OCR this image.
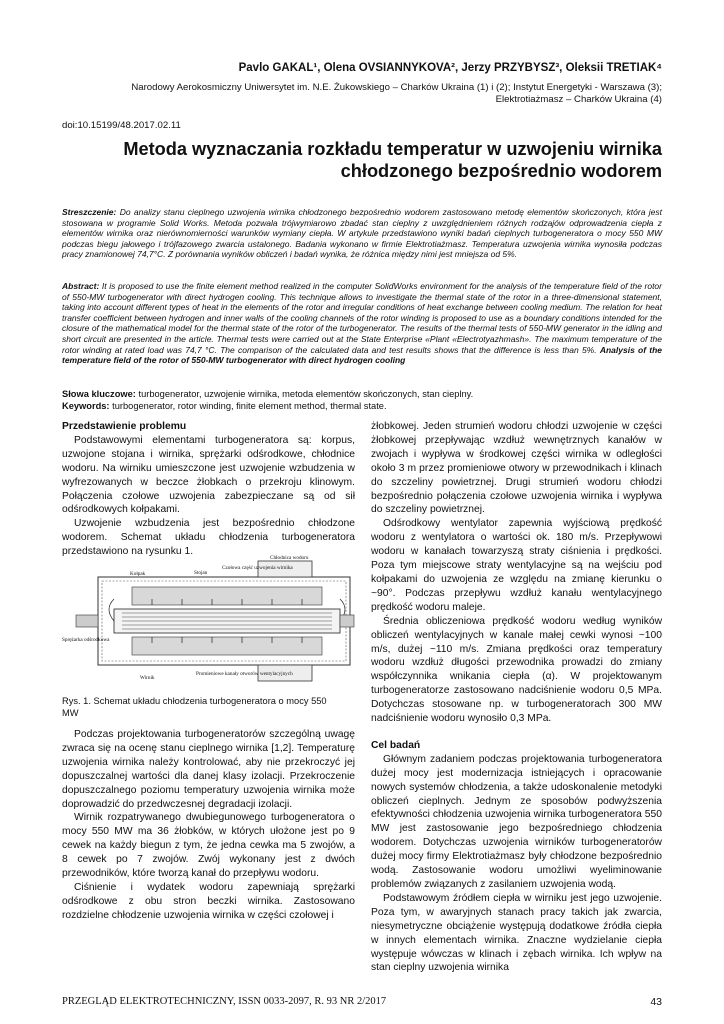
Pavlo GAKAL¹, Olena OVSIANNYKOVA², Jerzy PRZYBYSZ³, Oleksii TRETIAK⁴
Narodowy Aerokosmiczny Uniwersytet im. N.E. Żukowskiego – Charków Ukraina (1) i (2); Instytut Energetyki - Warszawa (3);
Elektrotiażmasz – Charków Ukraina (4)
doi:10.15199/48.2017.02.11
Metoda wyznaczania rozkładu temperatur w uzwojeniu wirnika chłodzonego bezpośrednio wodorem
Streszczenie: Do analizy stanu cieplnego uzwojenia wirnika chłodzonego bezpośrednio wodorem zastosowano metodę elementów skończonych, która jest stosowana w programie Solid Works. Metoda pozwala trójwymiarowo zbadać stan cieplny z uwzględnieniem różnych rodzajów odprowadzenia ciepła z elementów wirnika oraz nierównomierności warunków wymiany ciepła. W artykule przedstawiono wyniki badań cieplnych turbogeneratora o mocy 550 MW podczas biegu jałowego i trójfazowego zwarcia ustalonego. Badania wykonano w firmie Elektrotiażmasz. Temperatura uzwojenia wirnika wynosiła podczas pracy znamionowej 74,7°C. Z porównania wyników obliczeń i badań wynika, że różnica między nimi jest mniejsza od 5%.
Abstract: It is proposed to use the finite element method realized in the computer SolidWorks environment for the analysis of the temperature field of the rotor of 550-MW turbogenerator with direct hydrogen cooling. This technique allows to investigate the thermal state of the rotor in a three-dimensional statement, taking into account different types of heat in the elements of the rotor and irregular conditions of heat exchange between cooling medium. The relation for heat transfer coefficient between hydrogen and inner walls of the cooling channels of the rotor winding is proposed to use as a boundary conditions intended for the closure of the mathematical model for the thermal state of the rotor of the turbogenerator. The results of the thermal tests of 550-MW generator in the idling and short circuit are presented in the article. Thermal tests were carried out at the State Enterprise «Plant «Electrotyazhmash». The maximum temperature of the rotor winding at rated load was 74,7 °C. The comparison of the calculated data and test results shows that the difference is less than 5%. Analysis of the temperature field of the rotor of 550-MW turbogenerator with direct hydrogen cooling
Słowa kluczowe: turbogenerator, uzwojenie wirnika, metoda elementów skończonych, stan cieplny.
Keywords: turbogenerator, rotor winding, finite element method, thermal state.
Przedstawienie problemu

Podstawowymi elementami turbogeneratora są: korpus, uzwojone stojana i wirnika, sprężarki odśrodkowe, chłodnice wodoru. Na wirniku umieszczone jest uzwojenie wzbudzenia w wyfrezowanych w beczce żłobkach o przekroju klinowym. Połączenia czołowe uzwojenia zabezpieczane są od sił odśrodkowych kołpakami.

Uzwojenie wzbudzenia jest bezpośrednio chłodzone wodorem. Schemat układu chłodzenia turbogeneratora przedstawiono na rysunku 1.

Chłodnica wodoru
Kołpak	Stojan
Czołowa część uzwojenia wirnika
Sprężarka odśrodkowa
Wirnik
Promieniowe kanały otworów wentylacyjnych
Rys. 1. Schemat układu chłodzenia turbogeneratora o mocy 550 MW

Podczas projektowania turbogeneratorów szczególną uwagę zwraca się na ocenę stanu cieplnego wirnika [1,2]. Temperaturę uzwojenia wirnika należy kontrolować, aby nie przekroczyć jej dopuszczalnej wartości dla danej klasy izolacji. Przekroczenie dopuszczalnego poziomu temperatury uzwojenia wirnika może doprowadzić do przedwczesnej degradacji izolacji.

Wirnik rozpatrywanego dwubiegunowego turbogeneratora o mocy 550 MW ma 36 żłobków, w których ułożone jest po 9 cewek na każdy biegun z tym, że jedna cewka ma 5 zwojów, a 8 cewek po 7 zwojów. Zwój wykonany jest z dwóch przewodników, które tworzą kanał do przepływu wodoru.

Ciśnienie i wydatek wodoru zapewniają sprężarki odśrodkowe z obu stron beczki wirnika. Zastosowano rozdzielne chłodzenie uzwojenia wirnika w części czołowej i

żłobkowej. Jeden strumień wodoru chłodzi uzwojenie w części żłobkowej przepływając wzdłuż wewnętrznych kanałów w zwojach i wypływa w środkowej części wirnika w odległości około 3 m przez promieniowe otwory w przewodnikach i klinach do szczeliny powietrznej. Drugi strumień wodoru chłodzi bezpośrednio połączenia czołowe uzwojenia wirnika i wypływa do szczeliny powietrznej.

Odśrodkowy wentylator zapewnia wyjściową prędkość wodoru z wentylatora o wartości ok. 180 m/s. Przepływowi wodoru w kanałach towarzyszą straty ciśnienia i prędkości. Poza tym miejscowe straty wentylacyjne są na wejściu pod kołpakami do uzwojenia ze względu na zmianę kierunku o ~90°. Podczas przepływu wzdłuż kanału wentylacyjnego prędkość wodoru maleje.

Średnia obliczeniowa prędkość wodoru według wyników obliczeń wentylacyjnych w kanale małej cewki wynosi ~100 m/s, dużej ~110 m/s. Zmiana prędkości oraz temperatury wodoru wzdłuż długości przewodnika prowadzi do zmiany współczynnika wnikania ciepła (α). W projektowanym turbogeneratorze zastosowano nadciśnienie wodoru 0,5 MPa. Dotychczas stosowane np. w turbogeneratorach 300 MW nadciśnienie wodoru wynosiło 0,3 MPa.

Cel badań

Głównym zadaniem podczas projektowania turbogeneratora dużej mocy jest modernizacja istniejących i opracowanie nowych systemów chłodzenia, a także udoskonalenie metodyki obliczeń cieplnych. Jednym ze sposobów podwyższenia efektywności chłodzenia uzwojenia wirnika turbogeneratora 550 MW jest zastosowanie jego bezpośredniego chłodzenia wodorem. Dotychczas uzwojenia wirników turbogeneratorów dużej mocy firmy Elektrotiażmasz były chłodzone bezpośrednio wodą. Zastosowanie wodoru umożliwi wyeliminowanie problemów związanych z zasilaniem uzwojenia wodą.

Podstawowym źródłem ciepła w wirniku jest jego uzwojenie. Poza tym, w awaryjnych stanach pracy takich jak zwarcia, niesymetryczne obciążenie występują dodatkowe źródła ciepła w innych elementach wirnika. Znaczne wydzielanie ciepła występuje wówczas w klinach i zębach wirnika. Ich wpływ na stan cieplny uzwojenia wirnika

PRZEGLĄD ELEKTROTECHNICZNY, ISSN 0033-2097, R. 93 NR 2/2017	43
